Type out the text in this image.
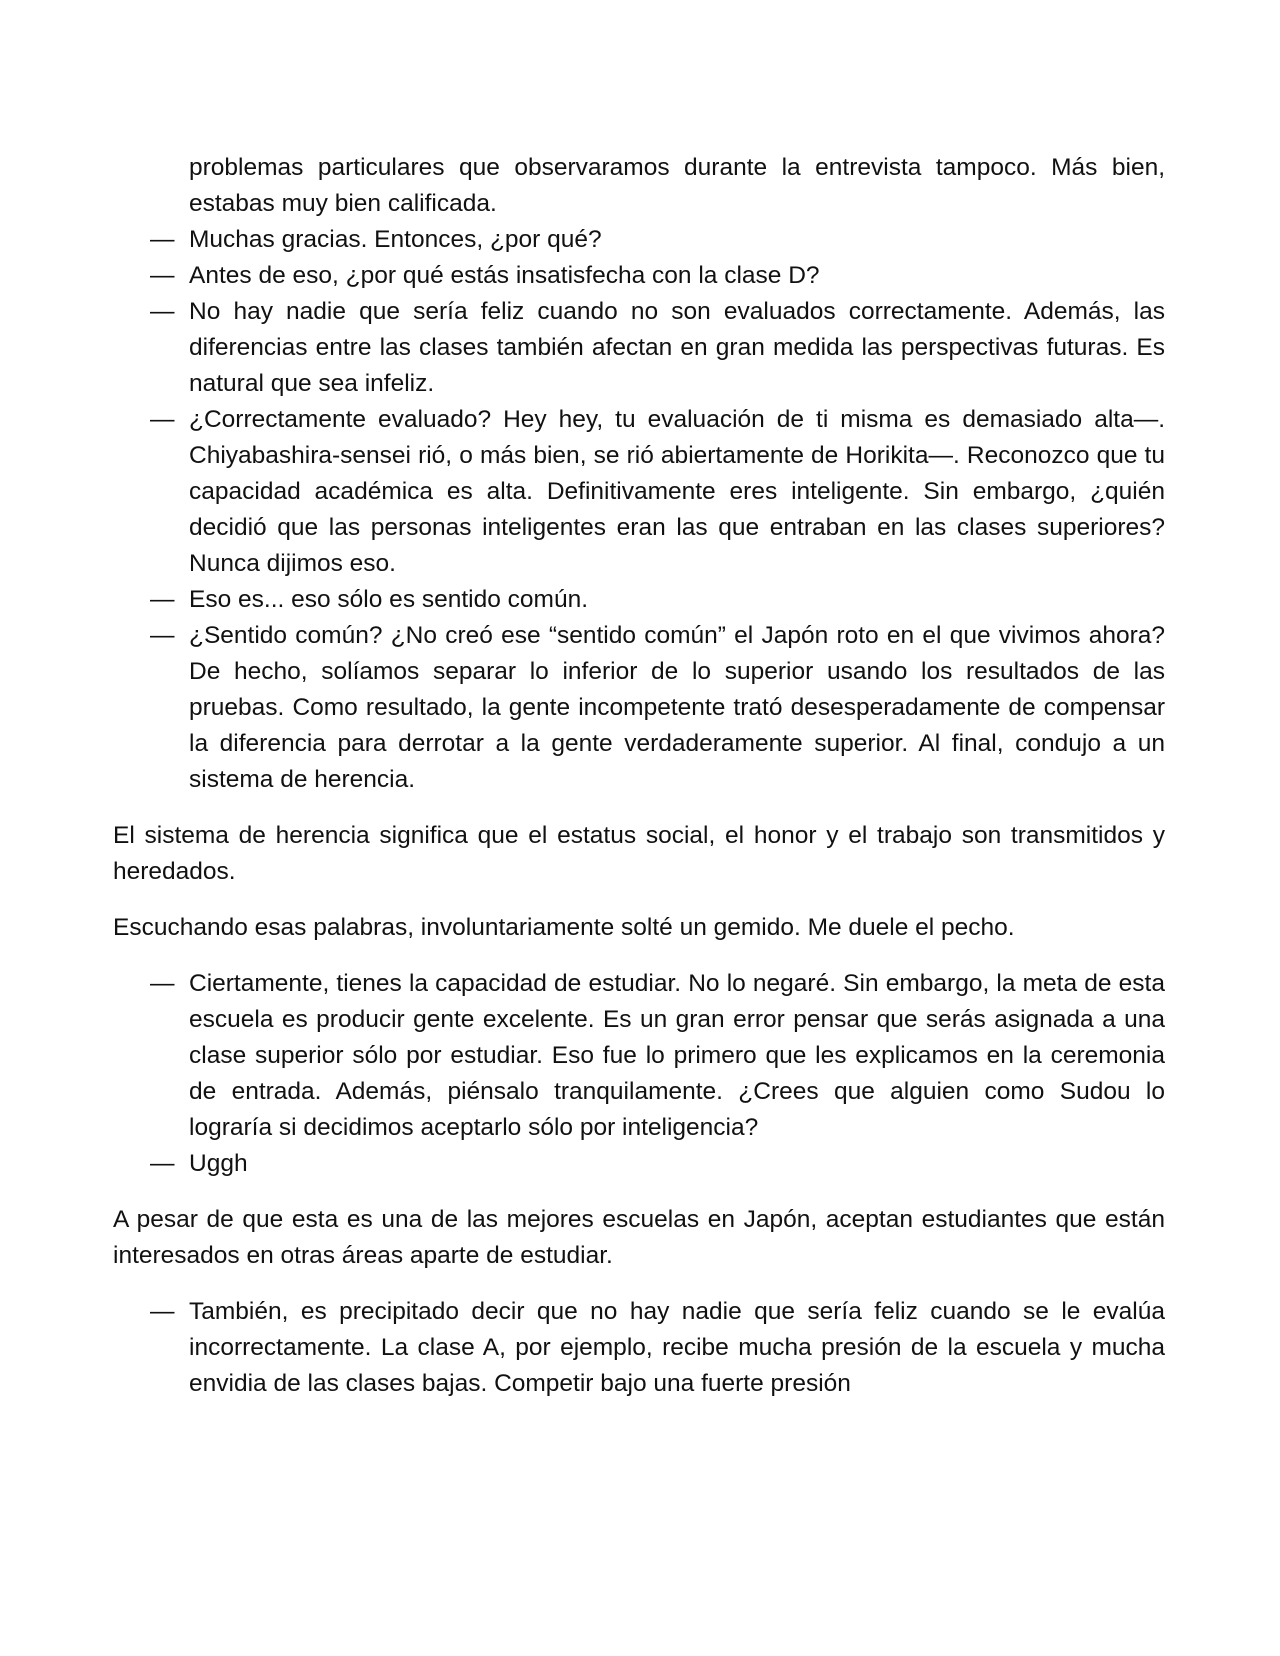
problemas particulares que observaramos durante la entrevista tampoco. Más bien, estabas muy bien calificada.

— Muchas gracias. Entonces, ¿por qué?

— Antes de eso, ¿por qué estás insatisfecha con la clase D?

— No hay nadie que sería feliz cuando no son evaluados correctamente. Además, las diferencias entre las clases también afectan en gran medida las perspectivas futuras. Es natural que sea infeliz.

— ¿Correctamente evaluado? Hey hey, tu evaluación de ti misma es demasiado alta—. Chiyabashira-sensei rió, o más bien, se rió abiertamente de Horikita—. Reconozco que tu capacidad académica es alta. Definitivamente eres inteligente. Sin embargo, ¿quién decidió que las personas inteligentes eran las que entraban en las clases superiores? Nunca dijimos eso.

— Eso es... eso sólo es sentido común.

— ¿Sentido común? ¿No creó ese “sentido común” el Japón roto en el que vivimos ahora? De hecho, solíamos separar lo inferior de lo superior usando los resultados de las pruebas. Como resultado, la gente incompetente trató desesperadamente de compensar la diferencia para derrotar a la gente verdaderamente superior. Al final, condujo a un sistema de herencia.

El sistema de herencia significa que el estatus social, el honor y el trabajo son transmitidos y heredados.

Escuchando esas palabras, involuntariamente solté un gemido. Me duele el pecho.

— Ciertamente, tienes la capacidad de estudiar. No lo negaré. Sin embargo, la meta de esta escuela es producir gente excelente. Es un gran error pensar que serás asignada a una clase superior sólo por estudiar. Eso fue lo primero que les explicamos en la ceremonia de entrada. Además, piénsalo tranquilamente. ¿Crees que alguien como Sudou lo lograría si decidimos aceptarlo sólo por inteligencia?

— Uggh

A pesar de que esta es una de las mejores escuelas en Japón, aceptan estudiantes que están interesados en otras áreas aparte de estudiar.

— También, es precipitado decir que no hay nadie que sería feliz cuando se le evalúa incorrectamente. La clase A, por ejemplo, recibe mucha presión de la escuela y mucha envidia de las clases bajas. Competir bajo una fuerte presión
